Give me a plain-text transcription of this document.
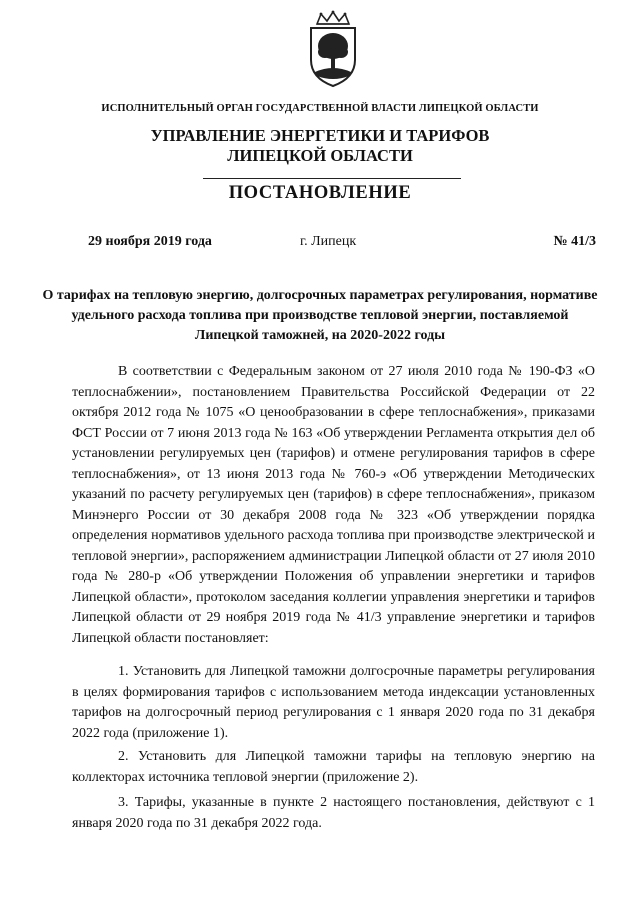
ИСПОЛНИТЕЛЬНЫЙ ОРГАН ГОСУДАРСТВЕННОЙ ВЛАСТИ ЛИПЕЦКОЙ ОБЛАСТИ
УПРАВЛЕНИЕ ЭНЕРГЕТИКИ И ТАРИФОВ
ЛИПЕЦКОЙ ОБЛАСТИ
ПОСТАНОВЛЕНИЕ
29 ноября 2019 года	г. Липецк	№ 41/3
О тарифах на тепловую энергию, долгосрочных параметрах регулирования, нормативе удельного расхода топлива при производстве тепловой энергии, поставляемой Липецкой таможней, на 2020-2022 годы

В соответствии с Федеральным законом от 27 июля 2010 года № 190-ФЗ «О теплоснабжении», постановлением Правительства Российской Федерации от 22 октября 2012 года № 1075 «О ценообразовании в сфере теплоснабжения», приказами ФСТ России от 7 июня 2013 года № 163 «Об утверждении Регламента открытия дел об установлении регулируемых цен (тарифов) и отмене регулирования тарифов в сфере теплоснабжения», от 13 июня 2013 года № 760-э «Об утверждении Методических указаний по расчету регулируемых цен (тарифов) в сфере теплоснабжения», приказом Минэнерго России от 30 декабря 2008 года № 323 «Об утверждении порядка определения нормативов удельного расхода топлива при производстве электрической и тепловой энергии», распоряжением администрации Липецкой области от 27 июля 2010 года № 280-р «Об утверждении Положения об управлении энергетики и тарифов Липецкой области», протоколом заседания коллегии управления энергетики и тарифов Липецкой области от 29 ноября 2019 года № 41/3 управление энергетики и тарифов Липецкой области постановляет:

1. Установить для Липецкой таможни долгосрочные параметры регулирования в целях формирования тарифов с использованием метода индексации установленных тарифов на долгосрочный период регулирования с 1 января 2020 года по 31 декабря 2022 года (приложение 1).

2. Установить для Липецкой таможни тарифы на тепловую энергию на коллекторах источника тепловой энергии (приложение 2).

3. Тарифы, указанные в пункте 2 настоящего постановления, действуют с 1 января 2020 года по 31 декабря 2022 года.
